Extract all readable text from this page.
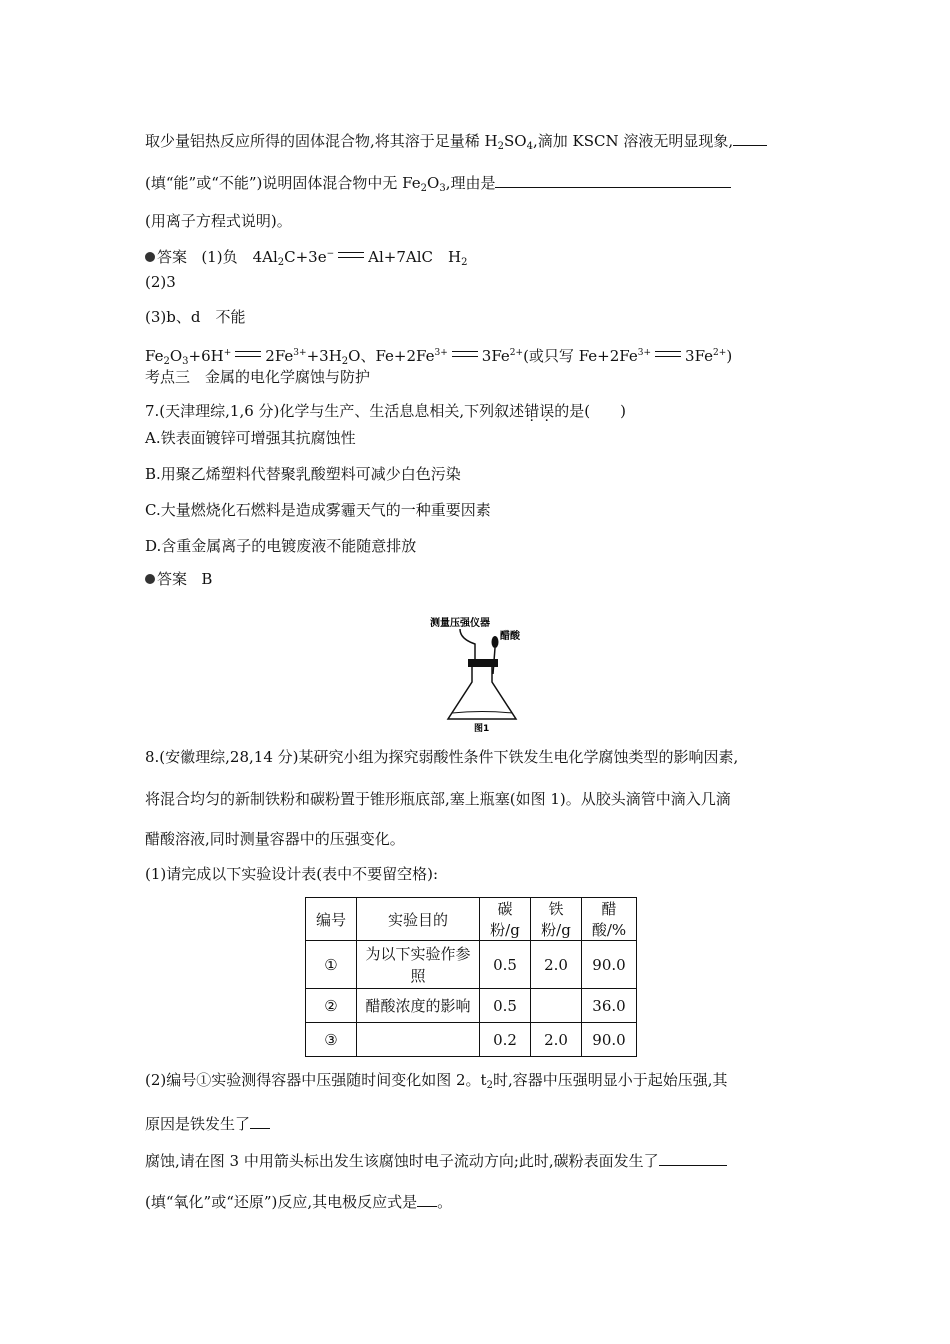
取少量铝热反应所得的固体混合物,将其溶于足量稀 $H_2SO_4$,滴加 KSCN 溶液无明显现象,
(填“能”或“不能”)说明固体混合物中无 $Fe_2O_3$,理由是
(用离子方程式说明)。
答案 (1)负　$4Al_2C+3e^-$ Al+7AlC　$H_2$
(2)3
(3)b、d　不能
$Fe_2O_3+6H^+$ $2Fe^{3+}+3H_2O$、$Fe+2Fe^{3+}$ $3Fe^{2+}$(或只写 $Fe+2Fe^{3+}$ $3Fe^{2+}$)
考点三　金属的电化学腐蚀与防护
7.(天津理综,1,6 分)化学与生产、生活息息相关,下列叙述错误的是(　　)
A.铁表面镀锌可增强其抗腐蚀性
B.用聚乙烯塑料代替聚乳酸塑料可减少白色污染
C.大量燃烧化石燃料是造成雾霾天气的一种重要因素
D.含重金属离子的电镀废液不能随意排放
答案 B
测量压强仪器
醋酸
图1
8.(安徽理综,28,14 分)某研究小组为探究弱酸性条件下铁发生电化学腐蚀类型的影响因素,
将混合均匀的新制铁粉和碳粉置于锥形瓶底部,塞上瓶塞(如图 1)。从胶头滴管中滴入几滴
醋酸溶液,同时测量容器中的压强变化。
(1)请完成以下实验设计表(表中不要留空格):
编号	实验目的	碳粉/g	铁粉/g	醋酸/%
①	为以下实验作参照	0.5	2.0	90.0
②	醋酸浓度的影响	0.5		36.0
③		0.2	2.0	90.0
(2)编号①实验测得容器中压强随时间变化如图 2。$t_2$时,容器中压强明显小于起始压强,其
原因是铁发生了
腐蚀,请在图 3 中用箭头标出发生该腐蚀时电子流动方向;此时,碳粉表面发生了
(填“氧化”或“还原”)反应,其电极反应式是 。
